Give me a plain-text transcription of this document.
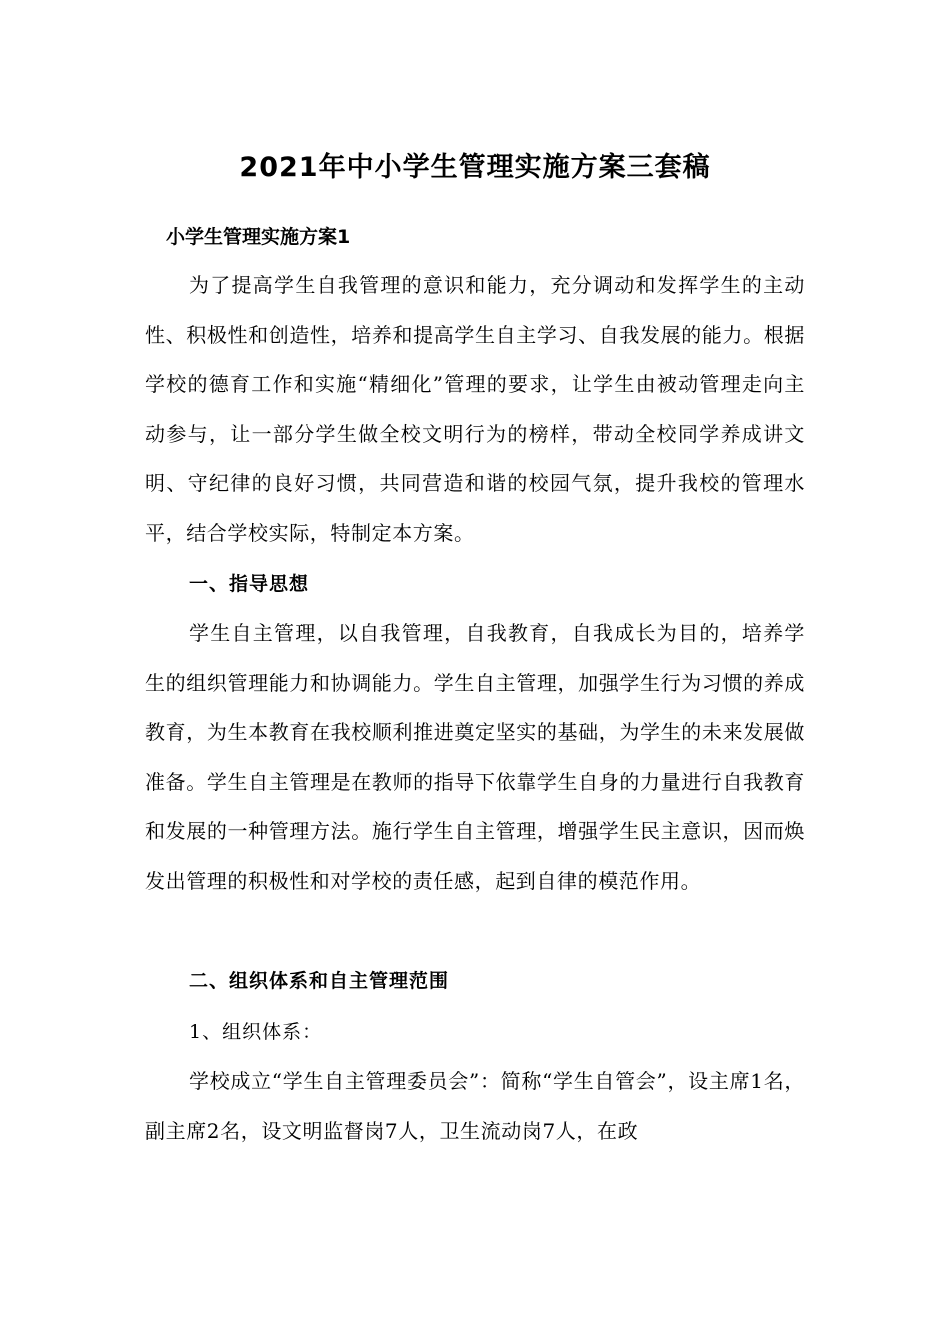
2021年中小学生管理实施方案三套稿
小学生管理实施方案1

为了提高学生自我管理的意识和能力，充分调动和发挥学生的主动性、积极性和创造性，培养和提高学生自主学习、自我发展的能力。根据学校的德育工作和实施“精细化”管理的要求，让学生由被动管理走向主动参与，让一部分学生做全校文明行为的榜样，带动全校同学养成讲文明、守纪律的良好习惯，共同营造和谐的校园气氛，提升我校的管理水平，结合学校实际，特制定本方案。

一、指导思想

学生自主管理，以自我管理，自我教育，自我成长为目的，培养学生的组织管理能力和协调能力。学生自主管理，加强学生行为习惯的养成教育，为生本教育在我校顺利推进奠定坚实的基础，为学生的未来发展做准备。学生自主管理是在教师的指导下依靠学生自身的力量进行自我教育和发展的一种管理方法。施行学生自主管理，增强学生民主意识，因而焕发出管理的积极性和对学校的责任感，起到自律的模范作用。

二、组织体系和自主管理范围

1、组织体系：

学校成立“学生自主管理委员会”：简称“学生自管会”，设主席1名，副主席2名，设文明监督岗7人，卫生流动岗7人，在政
